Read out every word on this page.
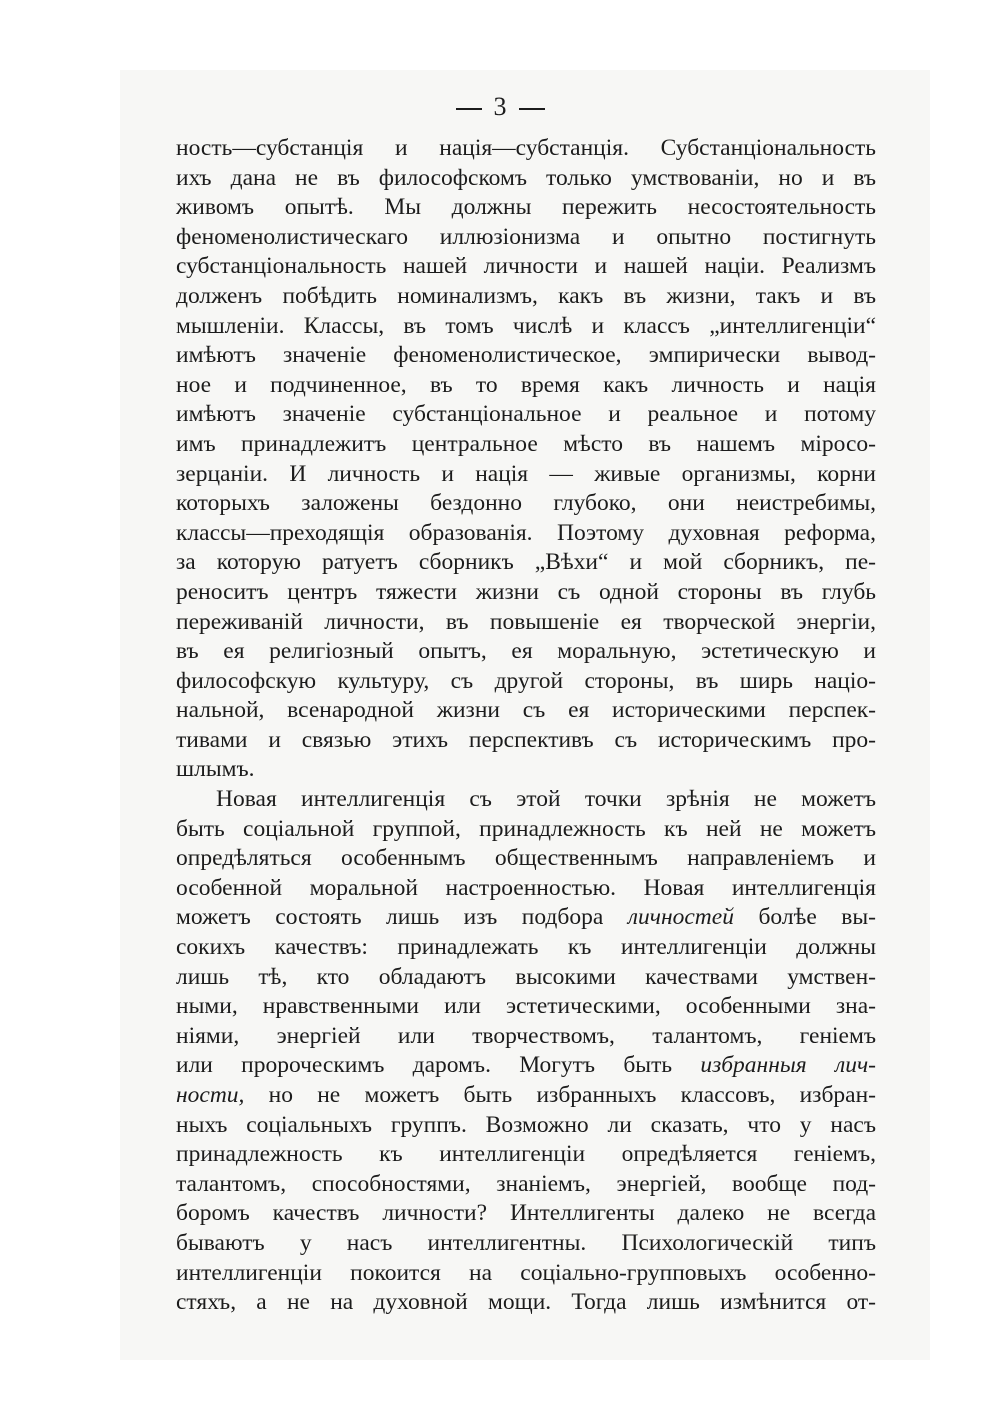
3
ность—субстанція и нація—субстанція. Субстанціональность
ихъ дана не въ философскомъ только умствованіи, но и въ
живомъ опытѣ. Мы должны пережить несостоятельность
феноменолистическаго иллюзіонизма и опытно постигнуть
субстанціональность нашей личности и нашей націи. Реализмъ
долженъ побѣдить номинализмъ, какъ въ жизни, такъ и въ
мышленіи. Классы, въ томъ числѣ и классъ „интеллигенціи“
имѣютъ значеніе феноменолистическое, эмпирически вывод-
ное и подчиненное, въ то время какъ личность и нація
имѣютъ значеніе субстанціональное и реальное и потому
имъ принадлежитъ центральное мѣсто въ нашемъ міросо-
зерцаніи. И личность и нація — живые организмы, корни
которыхъ заложены бездонно глубоко, они неистребимы,
классы—преходящія образованія. Поэтому духовная реформа,
за которую ратуетъ сборникъ „Вѣхи“ и мой сборникъ, пе-
реноситъ центръ тяжести жизни съ одной стороны въ глубь
переживаній личности, въ повышеніе ея творческой энергіи,
въ ея религіозный опытъ, ея моральную, эстетическую и
философскую культуру, съ другой стороны, въ ширь націо-
нальной, всенародной жизни съ ея историческими перспек-
тивами и связью этихъ перспективъ съ историческимъ про-
шлымъ.
Новая интеллигенція съ этой точки зрѣнія не можетъ
быть соціальной группой, принадлежность къ ней не можетъ
опредѣляться особеннымъ общественнымъ направленіемъ и
особенной моральной настроенностью. Новая интеллигенція
можетъ состоять лишь изъ подбора личностей болѣе вы-
сокихъ качествъ: принадлежать къ интеллигенціи должны
лишь тѣ, кто обладаютъ высокими качествами умствен-
ными, нравственными или эстетическими, особенными зна-
ніями, энергіей или творчествомъ, талантомъ, геніемъ
или пророческимъ даромъ. Могутъ быть избранныя лич-
ности, но не можетъ быть избранныхъ классовъ, избран-
ныхъ соціальныхъ группъ. Возможно ли сказать, что у насъ
принадлежность къ интеллигенціи опредѣляется геніемъ,
талантомъ, способностями, знаніемъ, энергіей, вообще под-
боромъ качествъ личности? Интеллигенты далеко не всегда
бываютъ у насъ интеллигентны. Психологическій типъ
интеллигенціи покоится на соціально-групповыхъ особенно-
стяхъ, а не на духовной мощи. Тогда лишь измѣнится от-
